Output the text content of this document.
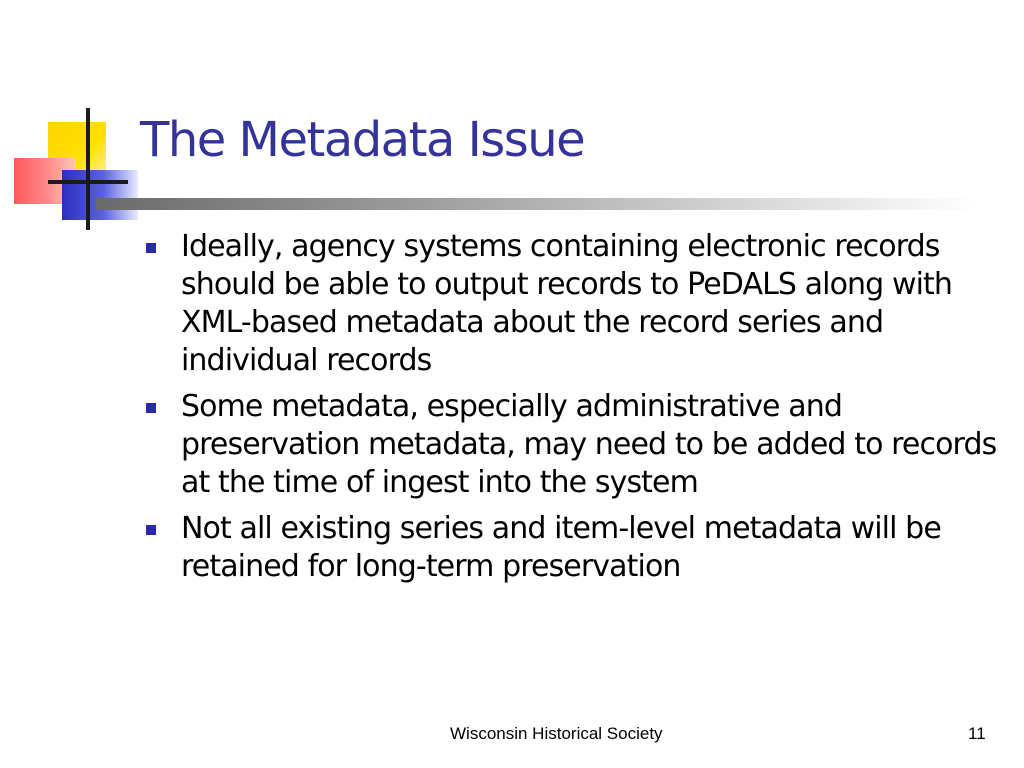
The Metadata Issue
Ideally, agency systems containing electronic records should be able to output records to PeDALS along with XML-based metadata about the record series and individual records
Some metadata, especially administrative and preservation metadata, may need to be added to records at the time of ingest into the system
Not all existing series and item-level metadata will be retained for long-term preservation
Wisconsin Historical Society	11
